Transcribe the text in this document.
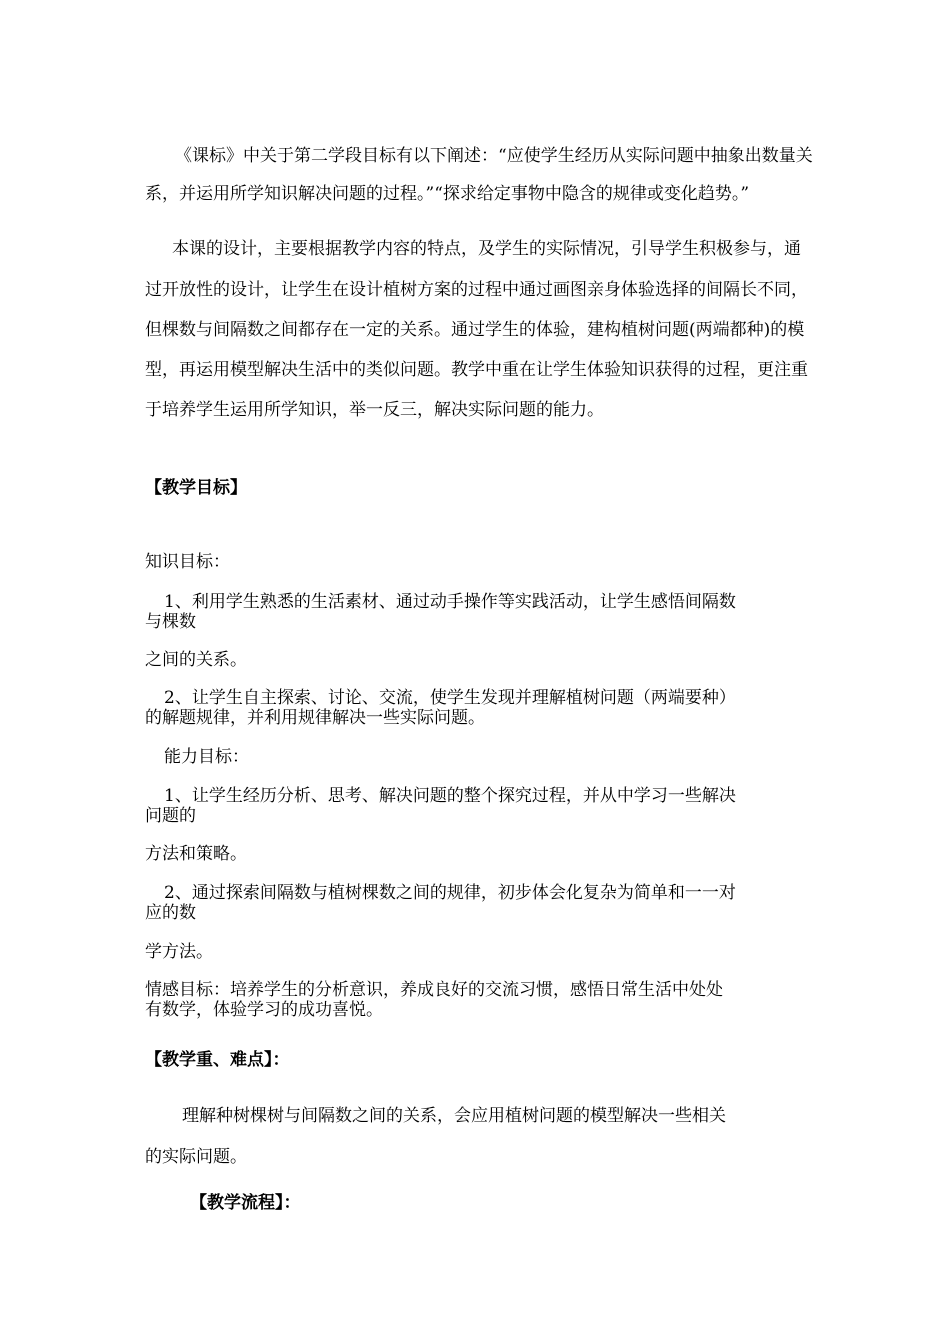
《课标》中关于第二学段目标有以下阐述：“应使学生经历从实际问题中抽象出数量关
系，并运用所学知识解决问题的过程。”“探求给定事物中隐含的规律或变化趋势。”
本课的设计，主要根据教学内容的特点，及学生的实际情况，引导学生积极参与，通
过开放性的设计，让学生在设计植树方案的过程中通过画图亲身体验选择的间隔长不同，
但棵数与间隔数之间都存在一定的关系。通过学生的体验，建构植树问题(两端都种)的模
型，再运用模型解决生活中的类似问题。教学中重在让学生体验知识获得的过程，更注重
于培养学生运用所学知识，举一反三，解决实际问题的能力。
【教学目标】
知识目标：
1、利用学生熟悉的生活素材、通过动手操作等实践活动，让学生感悟间隔数
与棵数
之间的关系。
2、让学生自主探索、讨论、交流，使学生发现并理解植树问题（两端要种）
的解题规律，并利用规律解决一些实际问题。
能力目标：
1、让学生经历分析、思考、解决问题的整个探究过程，并从中学习一些解决
问题的
方法和策略。
2、通过探索间隔数与植树棵数之间的规律，初步体会化复杂为简单和一一对
应的数
学方法。
情感目标：培养学生的分析意识，养成良好的交流习惯，感悟日常生活中处处
有数学，体验学习的成功喜悦。
【教学重、难点】：
理解种树棵树与间隔数之间的关系，会应用植树问题的模型解决一些相关
的实际问题。
【教学流程】：
